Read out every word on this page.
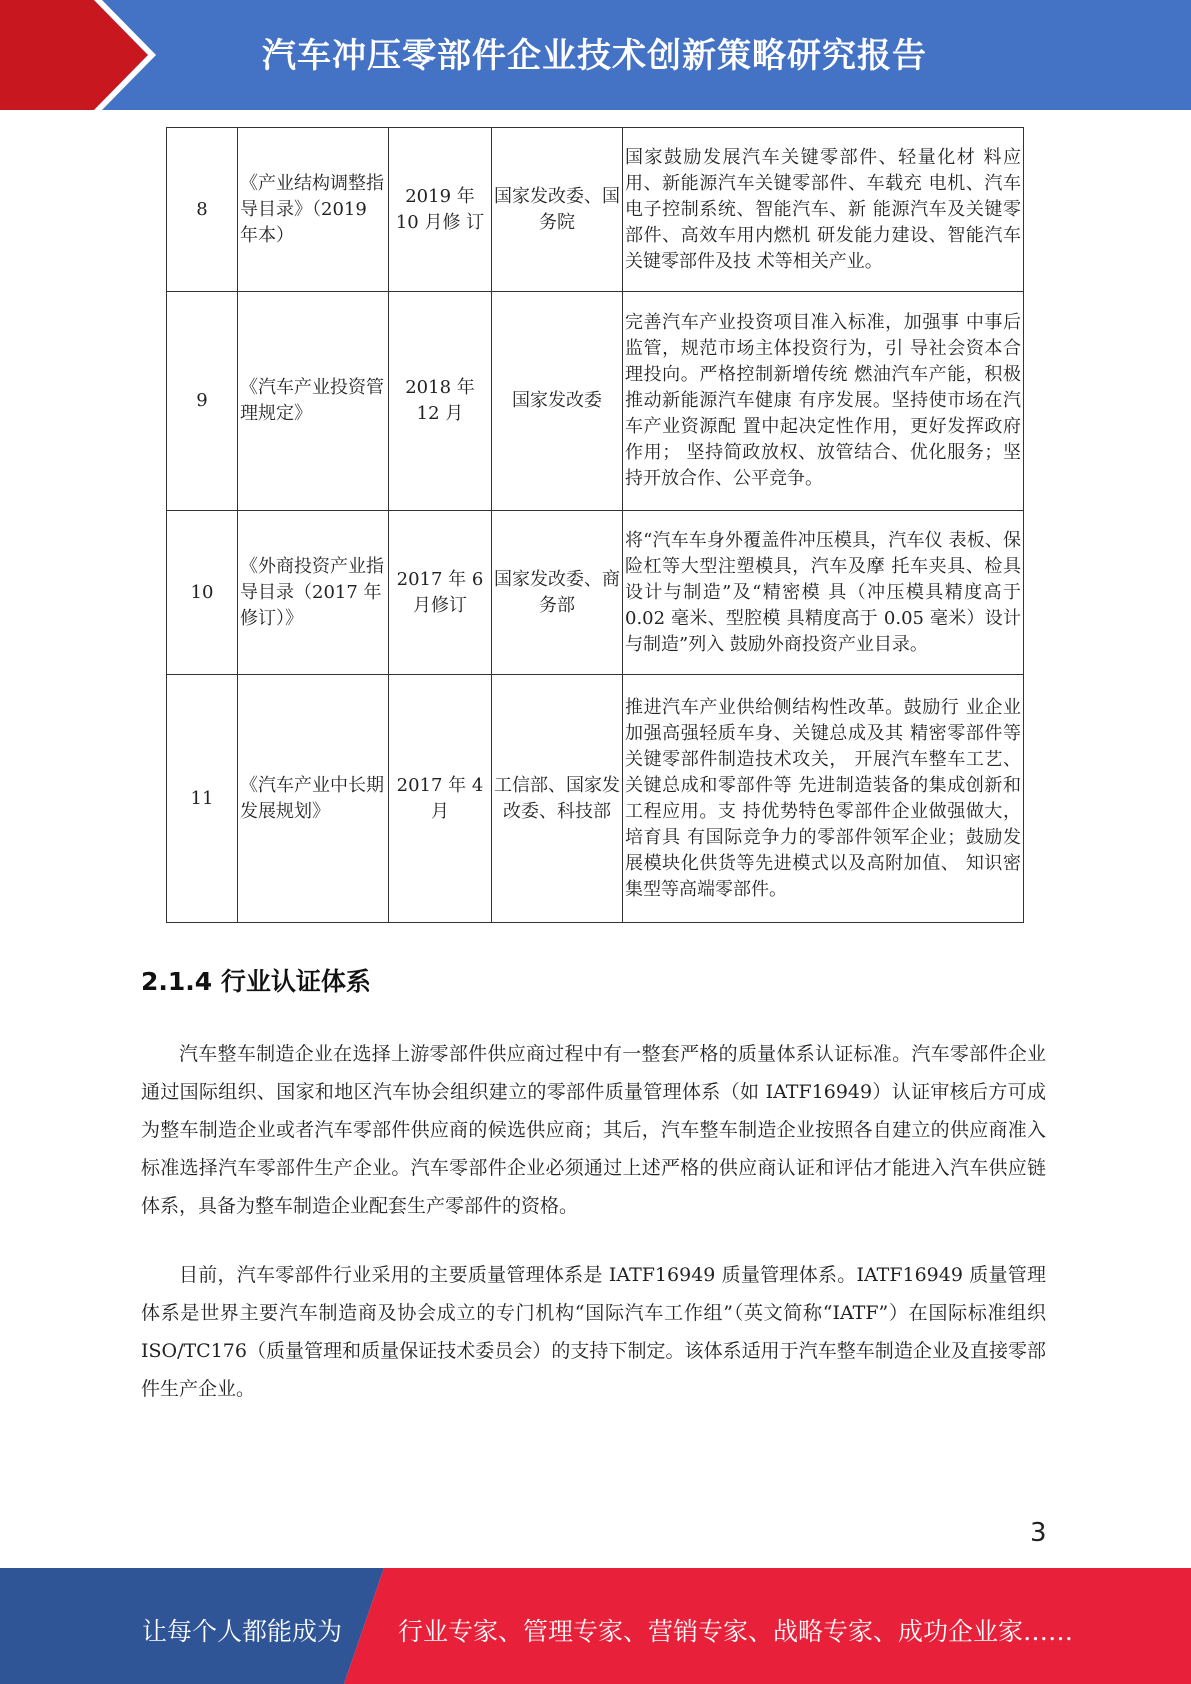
汽车冲压零部件企业技术创新策略研究报告
8	《产业结构调整指导目录》（2019 年本）	2019 年 10 月修 订	国家发改委、国务院	国家鼓励发展汽车关键零部件、轻量化材 料应用、新能源汽车关键零部件、车载充 电机、汽车电子控制系统、智能汽车、新 能源汽车及关键零部件、高效车用内燃机 研发能力建设、智能汽车关键零部件及技 术等相关产业。
9	《汽车产业投资管理规定》	2018 年 12 月	国家发改委	完善汽车产业投资项目准入标准，加强事 中事后监管，规范市场主体投资行为，引 导社会资本合理投向。严格控制新增传统 燃油汽车产能，积极推动新能源汽车健康 有序发展。坚持使市场在汽车产业资源配 置中起决定性作用，更好发挥政府作用； 坚持简政放权、放管结合、优化服务；坚 持开放合作、公平竞争。
10	《外商投资产业指导目录（2017 年修订）》	2017 年 6 月修订	国家发改委、商务部	将“汽车车身外覆盖件冲压模具，汽车仪 表板、保险杠等大型注塑模具，汽车及摩 托车夹具、检具设计与制造”及“精密模 具（冲压模具精度高于 0.02 毫米、型腔模 具精度高于 0.05 毫米）设计与制造”列入 鼓励外商投资产业目录。
11	《汽车产业中长期发展规划》	2017 年 4 月	工信部、国家发改委、科技部	推进汽车产业供给侧结构性改革。鼓励行 业企业加强高强轻质车身、关键总成及其 精密零部件等关键零部件制造技术攻关， 开展汽车整车工艺、关键总成和零部件等 先进制造装备的集成创新和工程应用。支 持优势特色零部件企业做强做大，培育具 有国际竞争力的零部件领军企业；鼓励发 展模块化供货等先进模式以及高附加值、 知识密集型等高端零部件。
2.1.4 行业认证体系

汽车整车制造企业在选择上游零部件供应商过程中有一整套严格的质量体系认证标准。汽车零部件企业通过国际组织、国家和地区汽车协会组织建立的零部件质量管理体系（如 IATF16949）认证审核后方可成为整车制造企业或者汽车零部件供应商的候选供应商；其后，汽车整车制造企业按照各自建立的供应商准入标准选择汽车零部件生产企业。汽车零部件企业必须通过上述严格的供应商认证和评估才能进入汽车供应链体系，具备为整车制造企业配套生产零部件的资格。

目前，汽车零部件行业采用的主要质量管理体系是 IATF16949 质量管理体系。IATF16949 质量管理体系是世界主要汽车制造商及协会成立的专门机构“国际汽车工作组”（英文简称“IATF”）在国际标准组织 ISO/TC176（质量管理和质量保证技术委员会）的支持下制定。该体系适用于汽车整车制造企业及直接零部件生产企业。

3
让每个人都能成为 行业专家、管理专家、营销专家、战略专家、成功企业家……
